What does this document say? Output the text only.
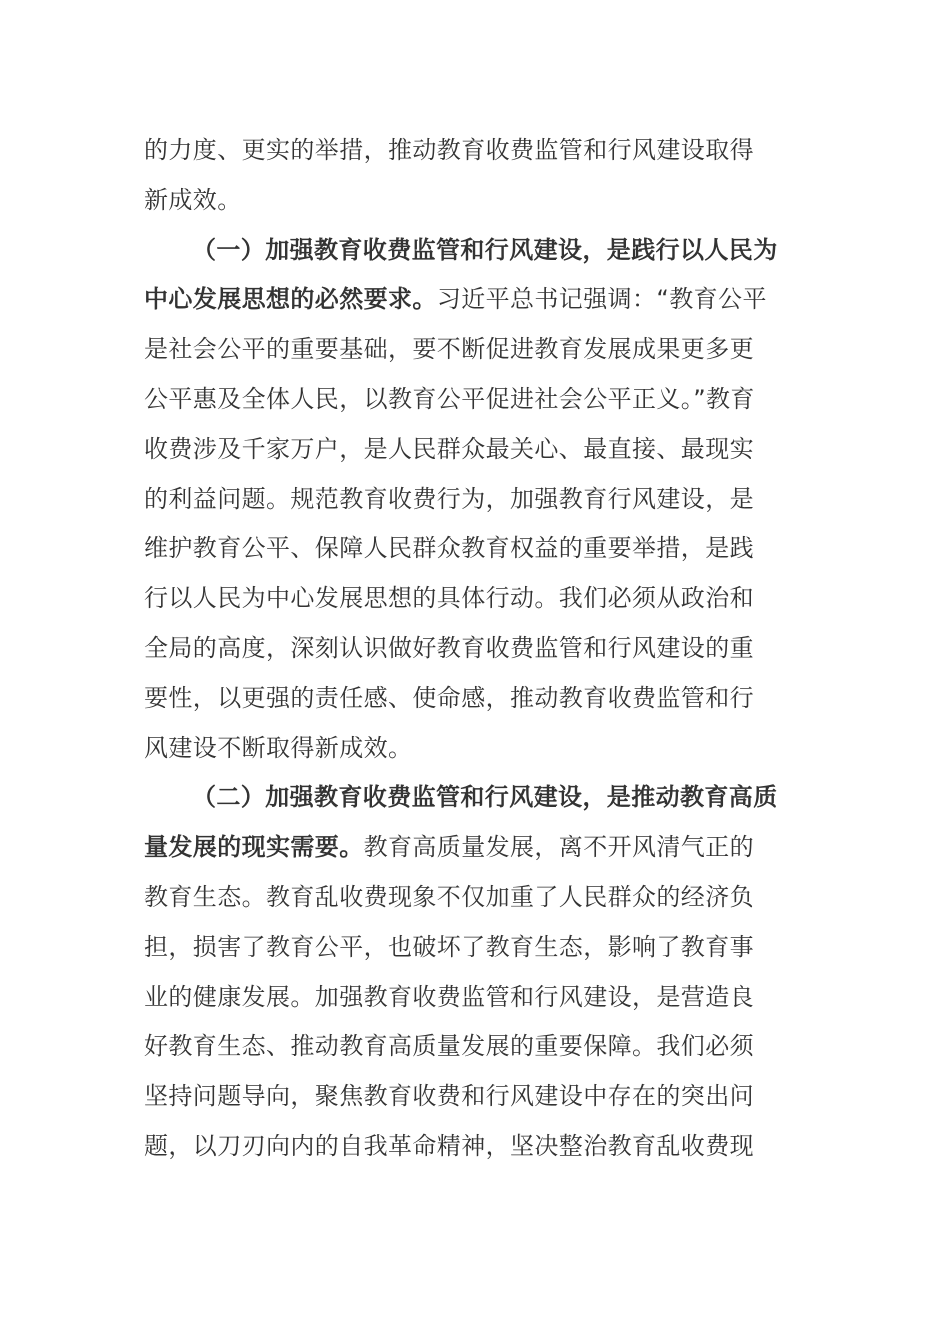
的力度、更实的举措，推动教育收费监管和行风建设取得
新成效。
（一）加强教育收费监管和行风建设，是践行以人民为
中心发展思想的必然要求。习近平总书记强调：“教育公平
是社会公平的重要基础，要不断促进教育发展成果更多更
公平惠及全体人民，以教育公平促进社会公平正义。”教育
收费涉及千家万户，是人民群众最关心、最直接、最现实
的利益问题。规范教育收费行为，加强教育行风建设，是
维护教育公平、保障人民群众教育权益的重要举措，是践
行以人民为中心发展思想的具体行动。我们必须从政治和
全局的高度，深刻认识做好教育收费监管和行风建设的重
要性，以更强的责任感、使命感，推动教育收费监管和行
风建设不断取得新成效。
（二）加强教育收费监管和行风建设，是推动教育高质
量发展的现实需要。教育高质量发展，离不开风清气正的
教育生态。教育乱收费现象不仅加重了人民群众的经济负
担，损害了教育公平，也破坏了教育生态，影响了教育事
业的健康发展。加强教育收费监管和行风建设，是营造良
好教育生态、推动教育高质量发展的重要保障。我们必须
坚持问题导向，聚焦教育收费和行风建设中存在的突出问
题，以刀刃向内的自我革命精神，坚决整治教育乱收费现
